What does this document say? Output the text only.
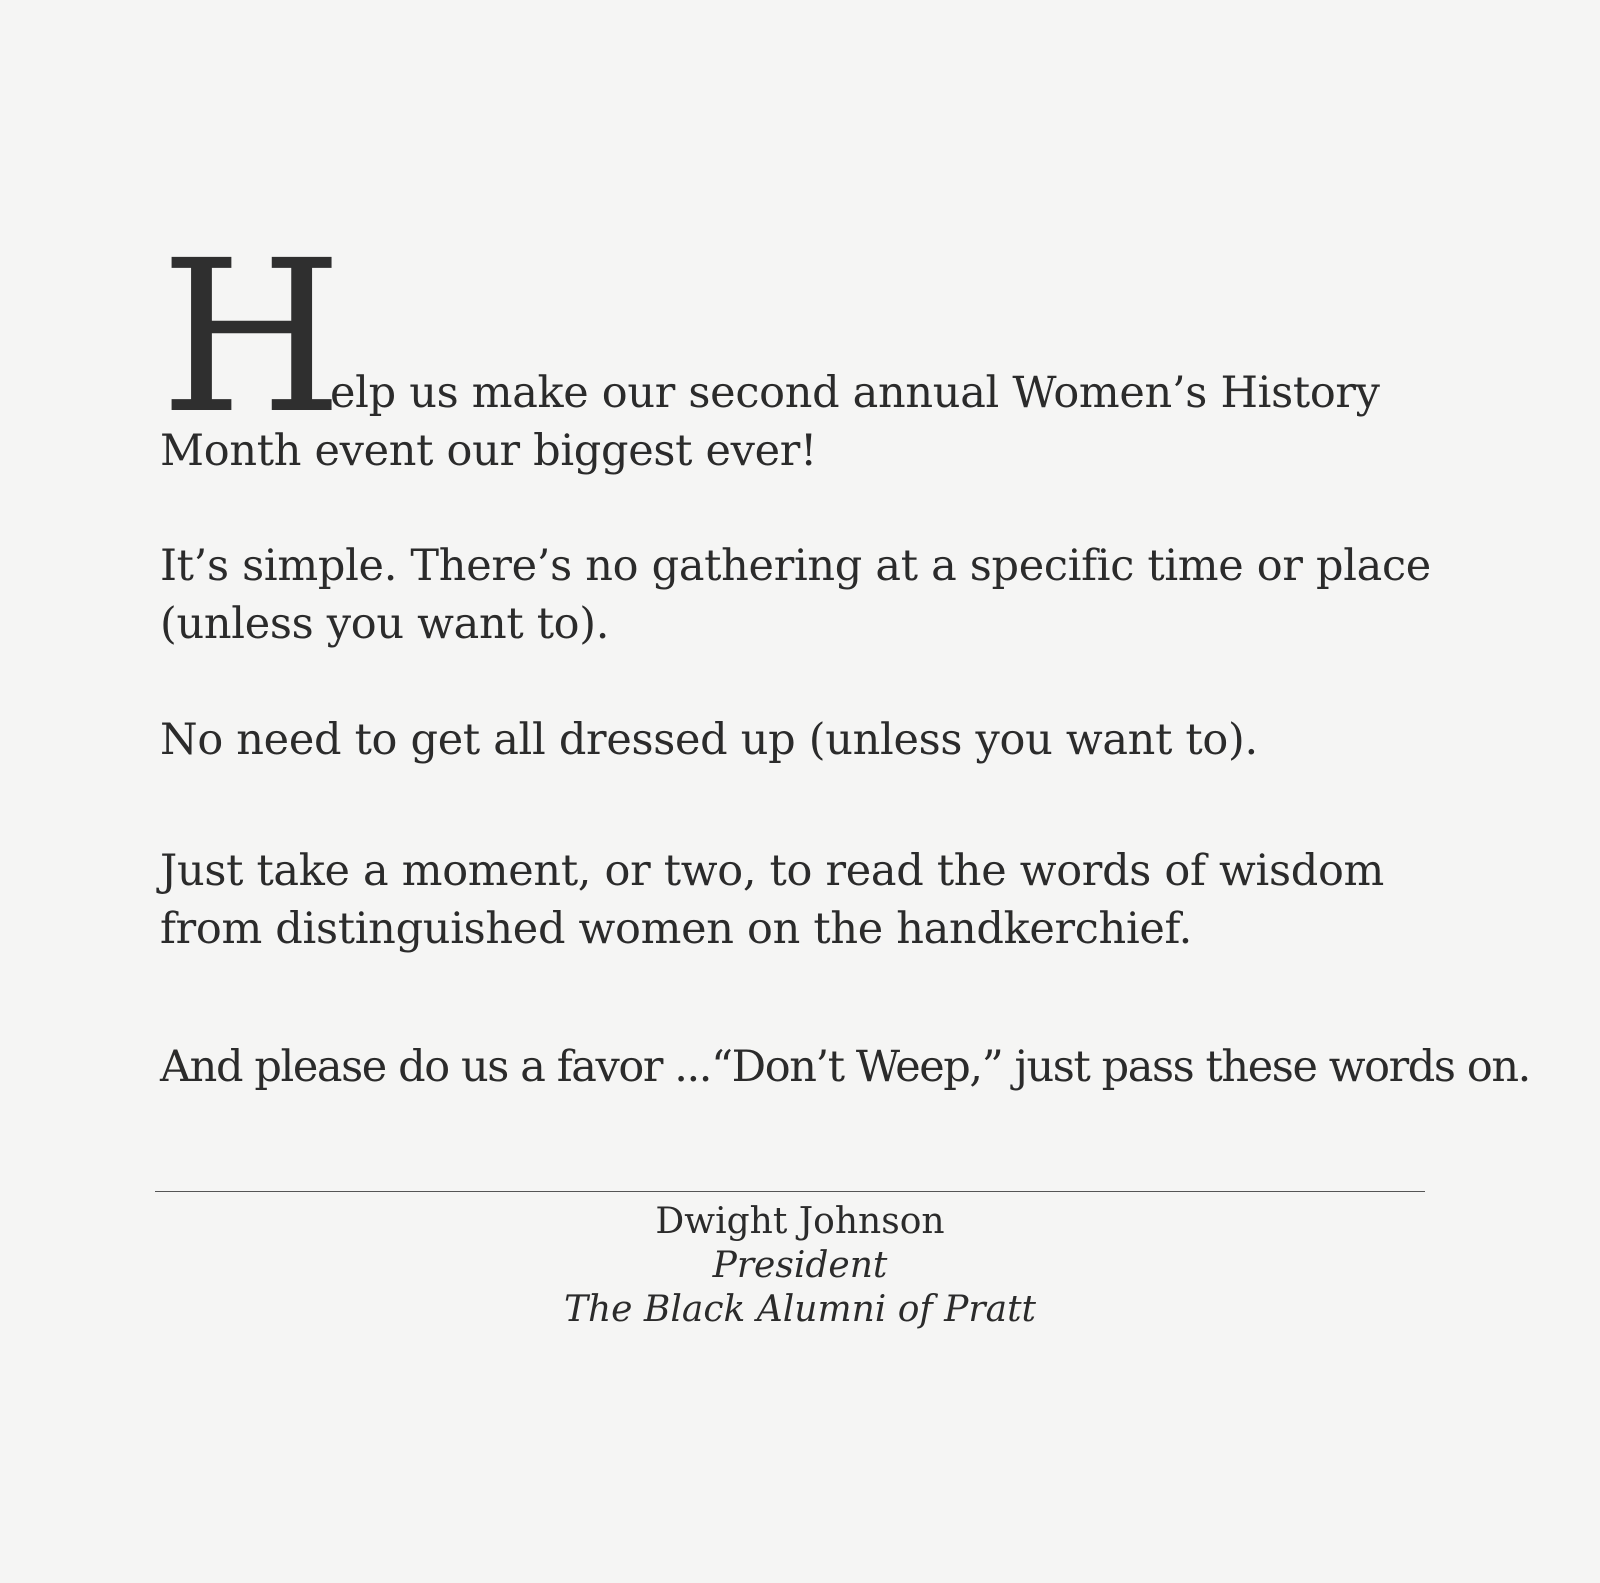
H
elp us make our second annual Women’s History
Month event our biggest ever!
It’s simple. There’s no gathering at a specific time or place
(unless you want to).
No need to get all dressed up (unless you want to).
Just take a moment, or two, to read the words of wisdom
from distinguished women on the handkerchief.
And please do us a favor ...“Don’t Weep,” just pass these words on.
Dwight Johnson
President
The Black Alumni of Pratt
